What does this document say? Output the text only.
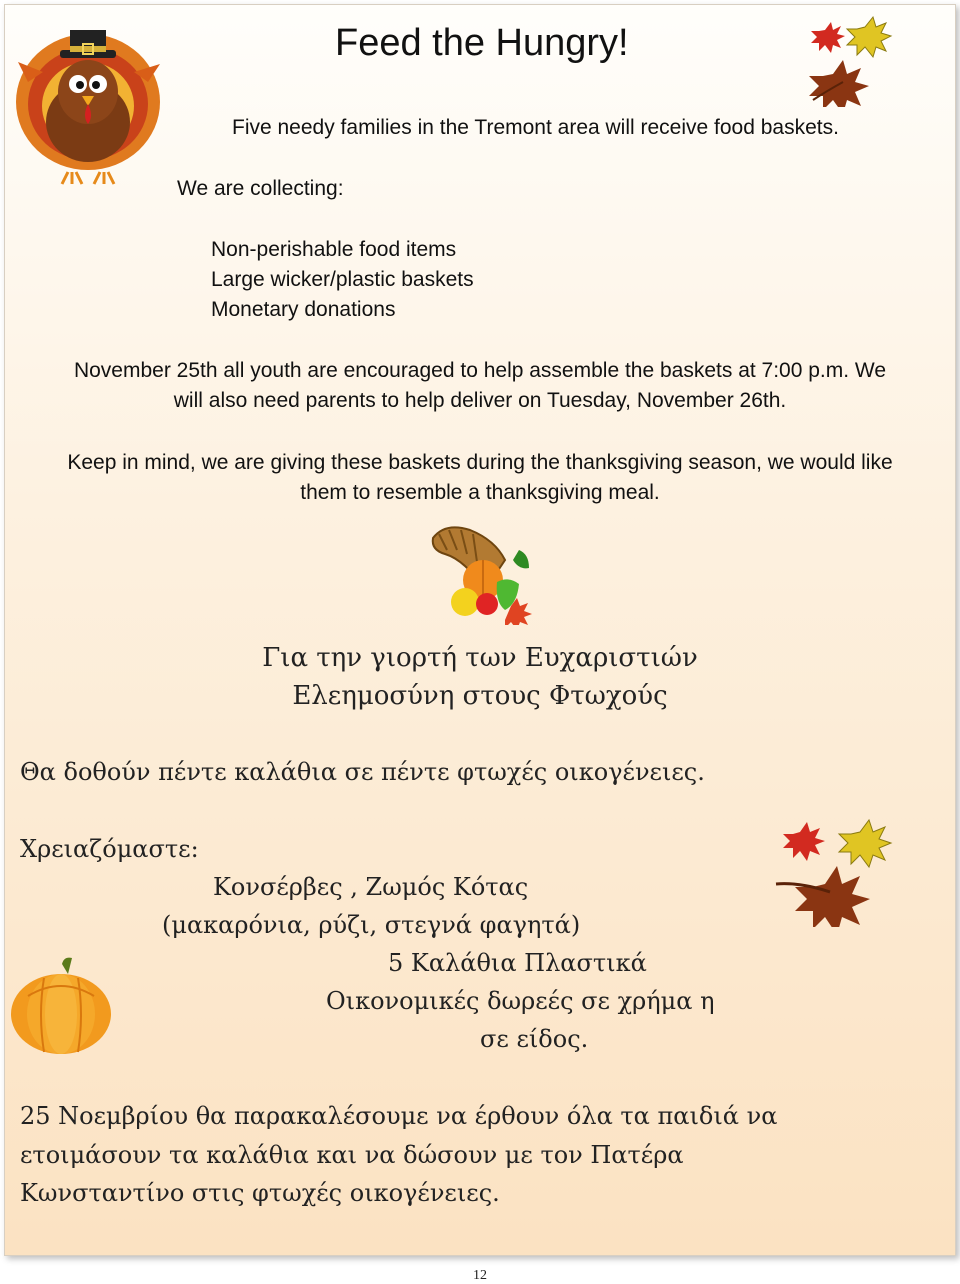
Feed the Hungry!
Five needy families in the Tremont area will receive food baskets.
We are collecting:
Non-perishable food items
Large wicker/plastic baskets
Monetary donations
November 25th all youth are encouraged to help assemble the baskets at 7:00 p.m. We
will also need parents to help deliver on Tuesday, November 26th.
Keep in mind, we are giving these baskets during the thanksgiving season, we would like
them to resemble a thanksgiving meal.
Για την γιορτή των Ευχαριστιών
Ελεημοσύνη στους Φτωχούς
Θα δοθούν πέντε καλάθια σε πέντε φτωχές οικογένειες.
Χρειαζόμαστε:
Κονσέρβες , Ζωμός Κότας
(μακαρόνια, ρύζι, στεγνά φαγητά)
5 Καλάθια Πλαστικά
Οικονομικές δωρεές σε χρήμα η
σε είδος.
25 Νοεμβρίου θα παρακαλέσουμε να έρθουν όλα τα παιδιά να
ετοιμάσουν τα καλάθια και να δώσουν με τον Πατέρα
Κωνσταντίνο στις φτωχές οικογένειες.
12
